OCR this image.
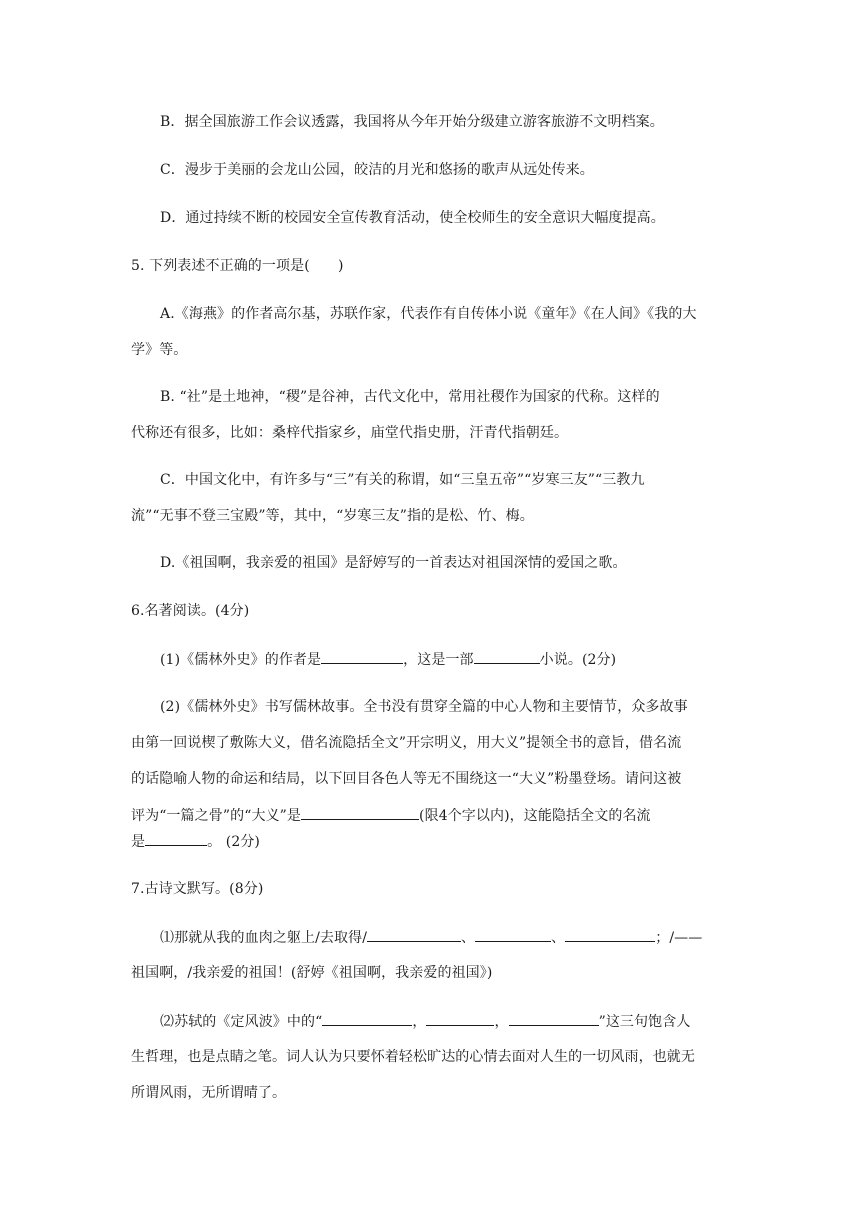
B．据全国旅游工作会议透露，我国将从今年开始分级建立游客旅游不文明档案。
C．漫步于美丽的会龙山公园，皎洁的月光和悠扬的歌声从远处传来。
D．通过持续不断的校园安全宣传教育活动，使全校师生的安全意识大幅度提高。
5. 下列表述不正确的一项是(　　)
A.《海燕》的作者高尔基，苏联作家，代表作有自传体小说《童年》《在人间》《我的大
学》等。
B. “社”是土地神，“稷”是谷神，古代文化中，常用社稷作为国家的代称。这样的
代称还有很多，比如：桑梓代指家乡，庙堂代指史册，汗青代指朝廷。
C．中国文化中，有许多与“三”有关的称谓，如“三皇五帝”“岁寒三友”“三教九
流”“无事不登三宝殿”等，其中，“岁寒三友”指的是松、竹、梅。
D.《祖国啊，我亲爱的祖国》是舒婷写的一首表达对祖国深情的爱国之歌。
6.名著阅读。(4分)
(1)《儒林外史》的作者是	，这是一部	小说。(2分)
(2)《儒林外史》书写儒林故事。全书没有贯穿全篇的中心人物和主要情节，众多故事
由第一回说楔了敷陈大义，借名流隐括全文”开宗明义，用大义”提领全书的意旨，借名流
的话隐喻人物的命运和结局，以下回目各色人等无不围绕这一“大义”粉墨登场。请问这被
评为“一篇之骨”的“大义”是	(限4个字以内)，这能隐括全文的名流
是	。 (2分)
7.古诗文默写。(8分)
⑴那就从我的血肉之躯上/去取得/	、	、	；/——
祖国啊，/我亲爱的祖国！(舒婷《祖国啊，我亲爱的祖国》)
⑵苏轼的《定风波》中的“	，	，	”这三句饱含人
生哲理，也是点睛之笔。词人认为只要怀着轻松旷达的心情去面对人生的一切风雨，也就无
所谓风雨，无所谓晴了。
